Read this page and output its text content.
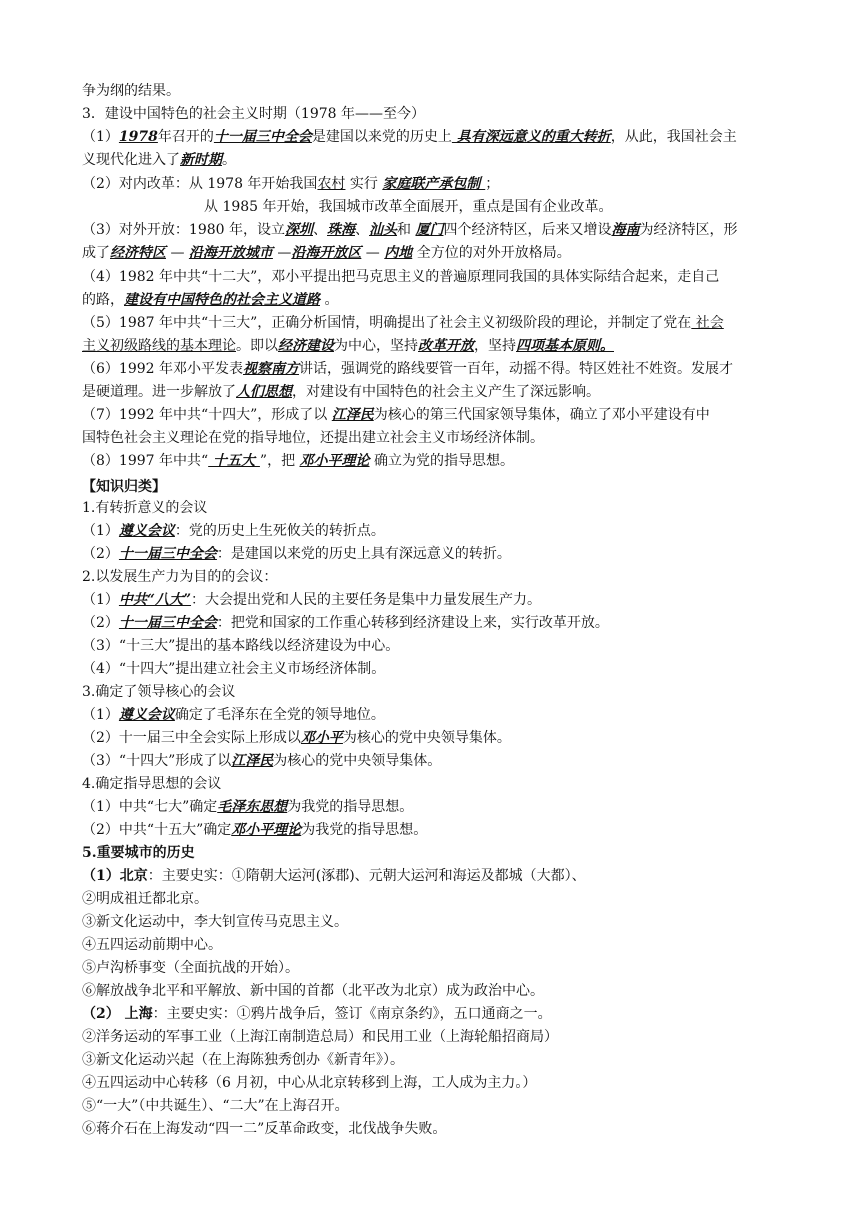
争为纲的结果。
3．建设中国特色的社会主义时期（1978 年——至今）
（1）1978年召开的十一届三中全会是建国以来党的历史上 具有深远意义的重大转折，从此，我国社会主
义现代化进入了新时期。
（2）对内改革：从 1978 年开始我国农村 实行 家庭联产承包制 ；
从 1985 年开始，我国城市改革全面展开，重点是国有企业改革。
（3）对外开放：1980 年，设立深圳、珠海、汕头和 厦门四个经济特区，后来又增设海南为经济特区，形
成了经济特区 — 沿海开放城市 —沿海开放区 — 内地 全方位的对外开放格局。
（4）1982 年中共“十二大”，邓小平提出把马克思主义的普遍原理同我国的具体实际结合起来，走自己
的路，建设有中国特色的社会主义道路 。
（5）1987 年中共“十三大”，正确分析国情，明确提出了社会主义初级阶段的理论，并制定了党在 社会
主义初级路线的基本理论。即以经济建设为中心，坚持改革开放，坚持四项基本原则。
（6）1992 年邓小平发表视察南方讲话，强调党的路线要管一百年，动摇不得。特区姓社不姓资。发展才
是硬道理。进一步解放了人们思想，对建设有中国特色的社会主义产生了深远影响。
（7）1992 年中共“十四大”，形成了以 江泽民为核心的第三代国家领导集体，确立了邓小平建设有中
国特色社会主义理论在党的指导地位，还提出建立社会主义市场经济体制。
（8）1997 年中共“ 十五大 ”，把 邓小平理论 确立为党的指导思想。
【知识归类】
1.有转折意义的会议
（1）遵义会议：党的历史上生死攸关的转折点。
（2）十一届三中全会：是建国以来党的历史上具有深远意义的转折。
2.以发展生产力为目的的会议：
（1）中共“八大”：大会提出党和人民的主要任务是集中力量发展生产力。
（2）十一届三中全会：把党和国家的工作重心转移到经济建设上来，实行改革开放。
（3）“十三大”提出的基本路线以经济建设为中心。
（4）“十四大”提出建立社会主义市场经济体制。
3.确定了领导核心的会议
（1）遵义会议确定了毛泽东在全党的领导地位。
（2）十一届三中全会实际上形成以邓小平为核心的党中央领导集体。
（3）“十四大”形成了以江泽民为核心的党中央领导集体。
4.确定指导思想的会议
（1）中共“七大”确定毛泽东思想为我党的指导思想。
（2）中共“十五大”确定邓小平理论为我党的指导思想。
5.重要城市的历史
（1）北京：主要史实：①隋朝大运河(涿郡)、元朝大运河和海运及都城（大都）、
②明成祖迁都北京。
③新文化运动中，李大钊宣传马克思主义。
④五四运动前期中心。
⑤卢沟桥事变（全面抗战的开始）。
⑥解放战争北平和平解放、新中国的首都（北平改为北京）成为政治中心。
（2） 上海：主要史实：①鸦片战争后，签订《南京条约》，五口通商之一。
②洋务运动的军事工业（上海江南制造总局）和民用工业（上海轮船招商局）
③新文化运动兴起（在上海陈独秀创办《新青年》）。
④五四运动中心转移（6 月初，中心从北京转移到上海，工人成为主力。）
⑤“一大”（中共诞生）、“二大”在上海召开。
⑥蒋介石在上海发动“四一二”反革命政变，北伐战争失败。
